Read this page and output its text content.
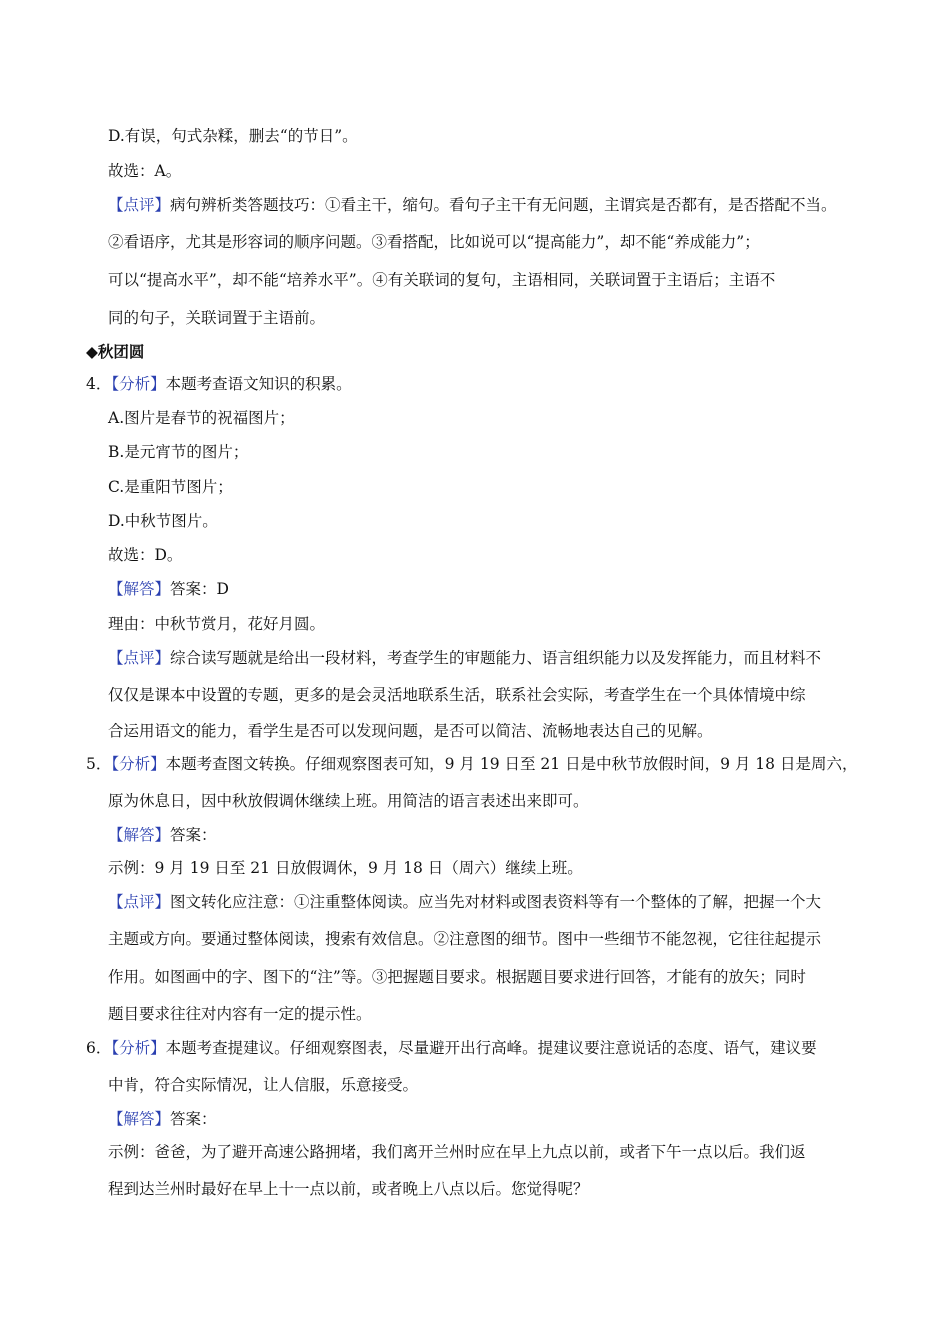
D.有误，句式杂糅，删去“的节日”。
故选：A。
【点评】病句辨析类答题技巧：①看主干，缩句。看句子主干有无问题，主谓宾是否都有，是否搭配不当。
②看语序，尤其是形容词的顺序问题。③看搭配，比如说可以“提高能力”，却不能“养成能力”；
可以“提高水平”，却不能“培养水平”。④有关联词的复句，主语相同，关联词置于主语后；主语不
同的句子，关联词置于主语前。
◆秋团圆
4．【分析】本题考查语文知识的积累。
A.图片是春节的祝福图片；
B.是元宵节的图片；
C.是重阳节图片；
D.中秋节图片。
故选：D。
【解答】答案：D
理由：中秋节赏月，花好月圆。
【点评】综合读写题就是给出一段材料，考查学生的审题能力、语言组织能力以及发挥能力，而且材料不
仅仅是课本中设置的专题，更多的是会灵活地联系生活，联系社会实际，考查学生在一个具体情境中综
合运用语文的能力，看学生是否可以发现问题，是否可以简洁、流畅地表达自己的见解。
5．【分析】本题考查图文转换。仔细观察图表可知，9 月 19 日至 21 日是中秋节放假时间，9 月 18 日是周六，
原为休息日，因中秋放假调休继续上班。用简洁的语言表述出来即可。
【解答】答案：
示例：9 月 19 日至 21 日放假调休，9 月 18 日（周六）继续上班。
【点评】图文转化应注意：①注重整体阅读。应当先对材料或图表资料等有一个整体的了解，把握一个大
主题或方向。要通过整体阅读，搜索有效信息。②注意图的细节。图中一些细节不能忽视，它往往起提示
作用。如图画中的字、图下的“注”等。③把握题目要求。根据题目要求进行回答，才能有的放矢；同时
题目要求往往对内容有一定的提示性。
6．【分析】本题考查提建议。仔细观察图表，尽量避开出行高峰。提建议要注意说话的态度、语气，建议要
中肯，符合实际情况，让人信服，乐意接受。
【解答】答案：
示例：爸爸，为了避开高速公路拥堵，我们离开兰州时应在早上九点以前，或者下午一点以后。我们返
程到达兰州时最好在早上十一点以前，或者晚上八点以后。您觉得呢？
